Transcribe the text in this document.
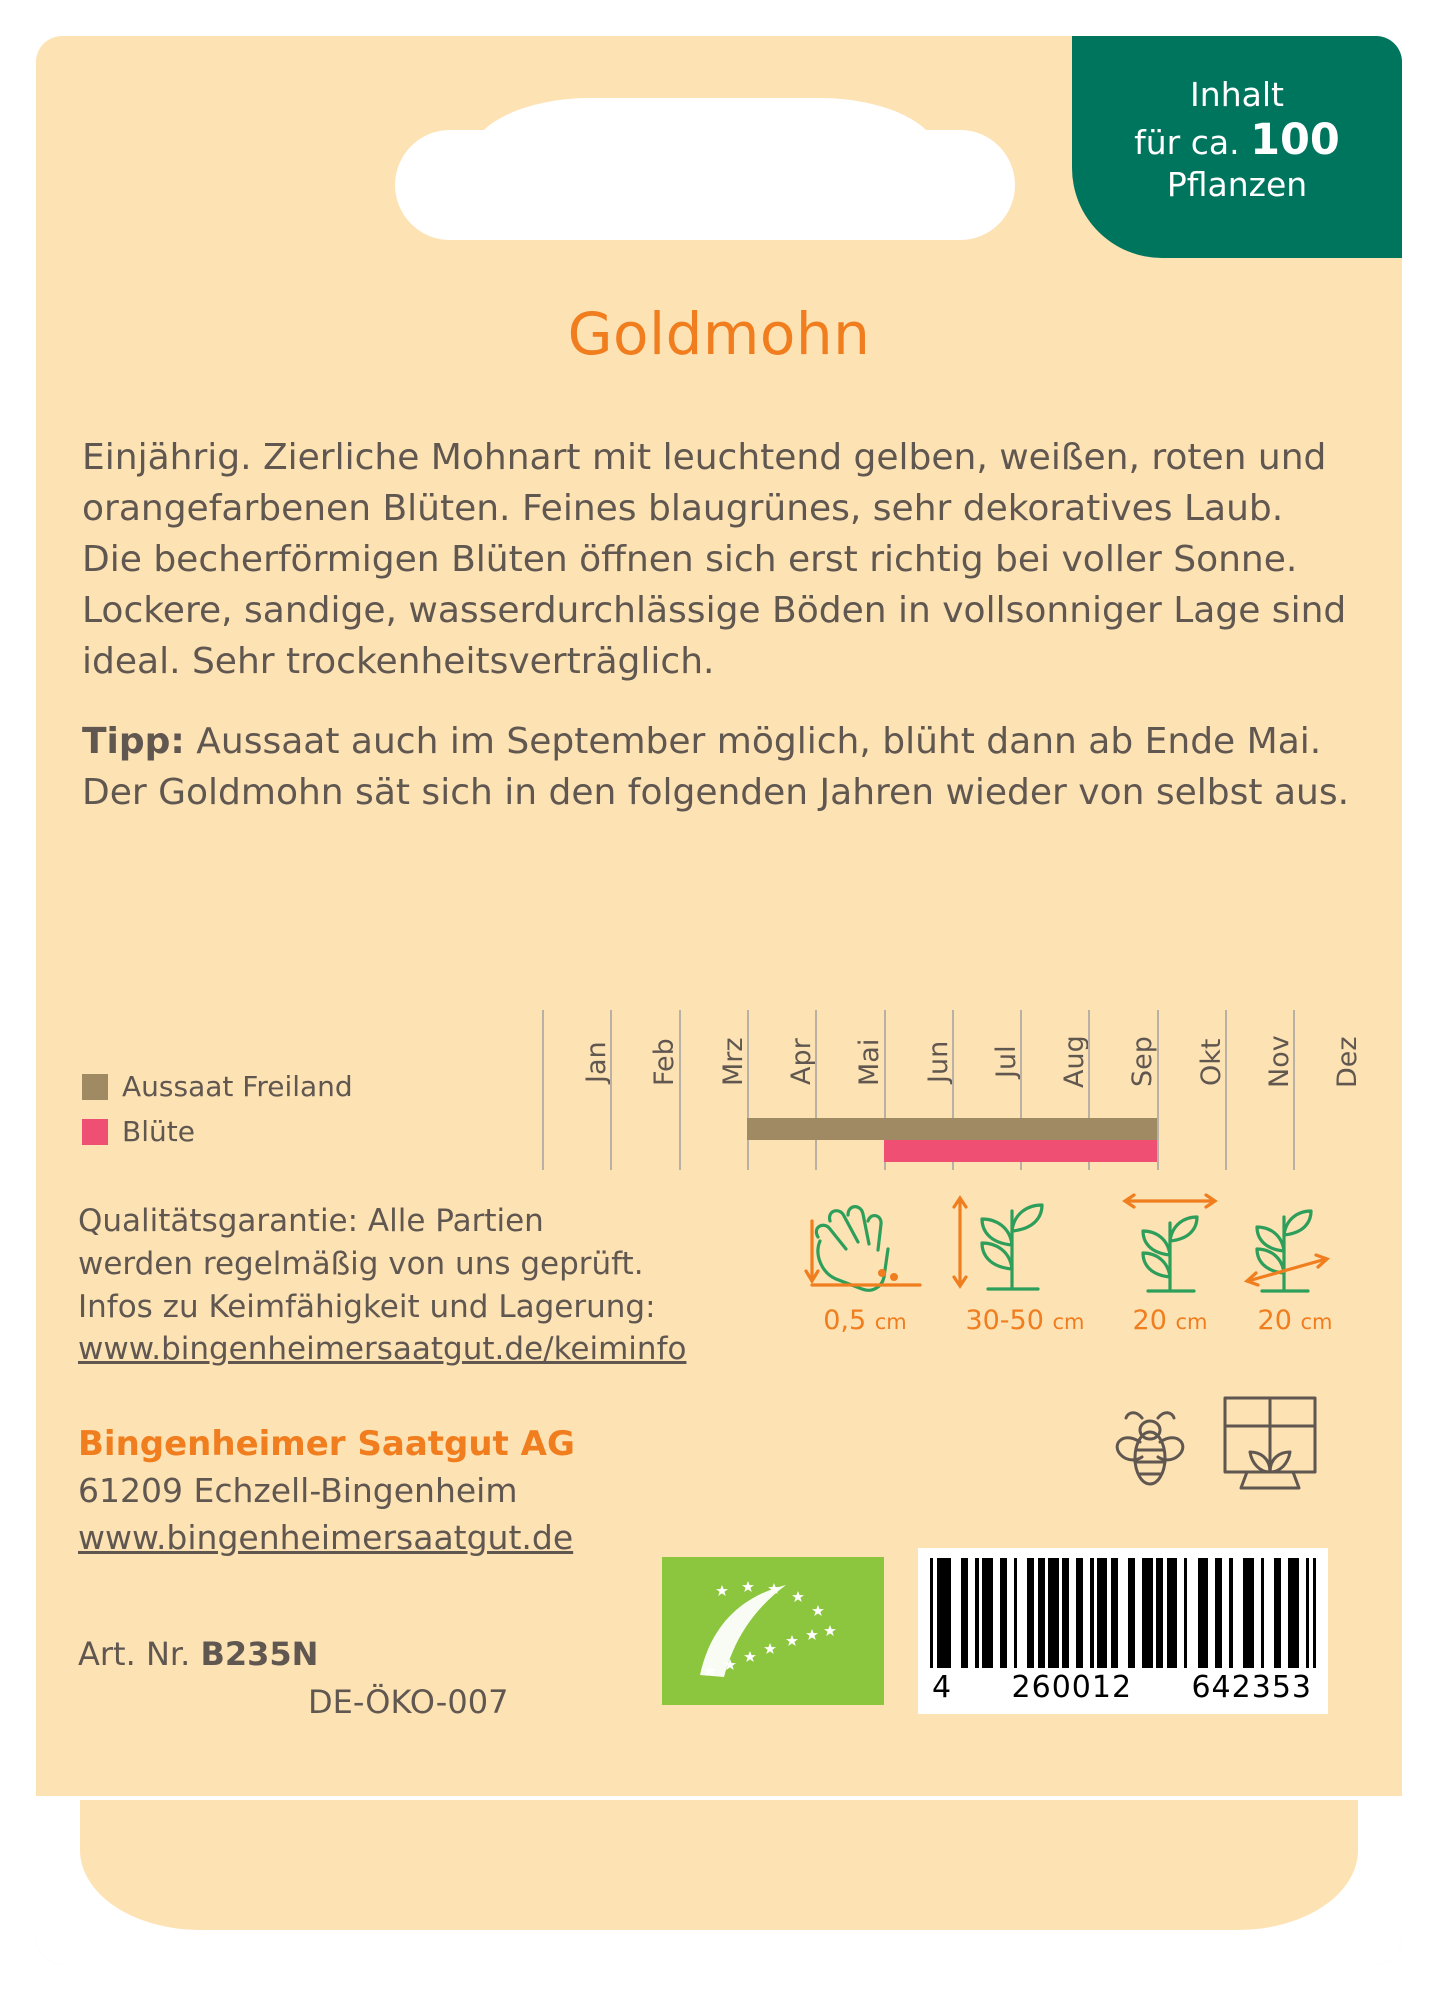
Inhalt
für ca. 100
Pflanzen
Goldmohn

Einjährig. Zierliche Mohnart mit leuchtend gelben, weißen, roten und orangefarbenen Blüten. Feines blaugrünes, sehr dekoratives Laub. Die becherförmigen Blüten öffnen sich erst richtig bei voller Sonne. Lockere, sandige, wasserdurchlässige Böden in vollsonniger Lage sind ideal. Sehr trockenheitsverträglich.

Tipp: Aussaat auch im September möglich, blüht dann ab Ende Mai. Der Goldmohn sät sich in den folgenden Jahren wieder von selbst aus.

Aussaat Freiland
Blüte
Jan	Feb	Mrz	Apr	Mai	Jun	Jul	Aug	Sep	Okt	Nov	Dez
Qualitätsgarantie: Alle Partien
werden regelmäßig von uns geprüft.
Infos zu Keimfähigkeit und Lagerung:
www.bingenheimersaatgut.de/keiminfo
0,5 cm	30-50 cm	20 cm	20 cm
Bingenheimer Saatgut AG
61209 Echzell-Bingenheim
www.bingenheimersaatgut.de
Art. Nr. B235N
DE-ÖKO-007	4 260012 642353
